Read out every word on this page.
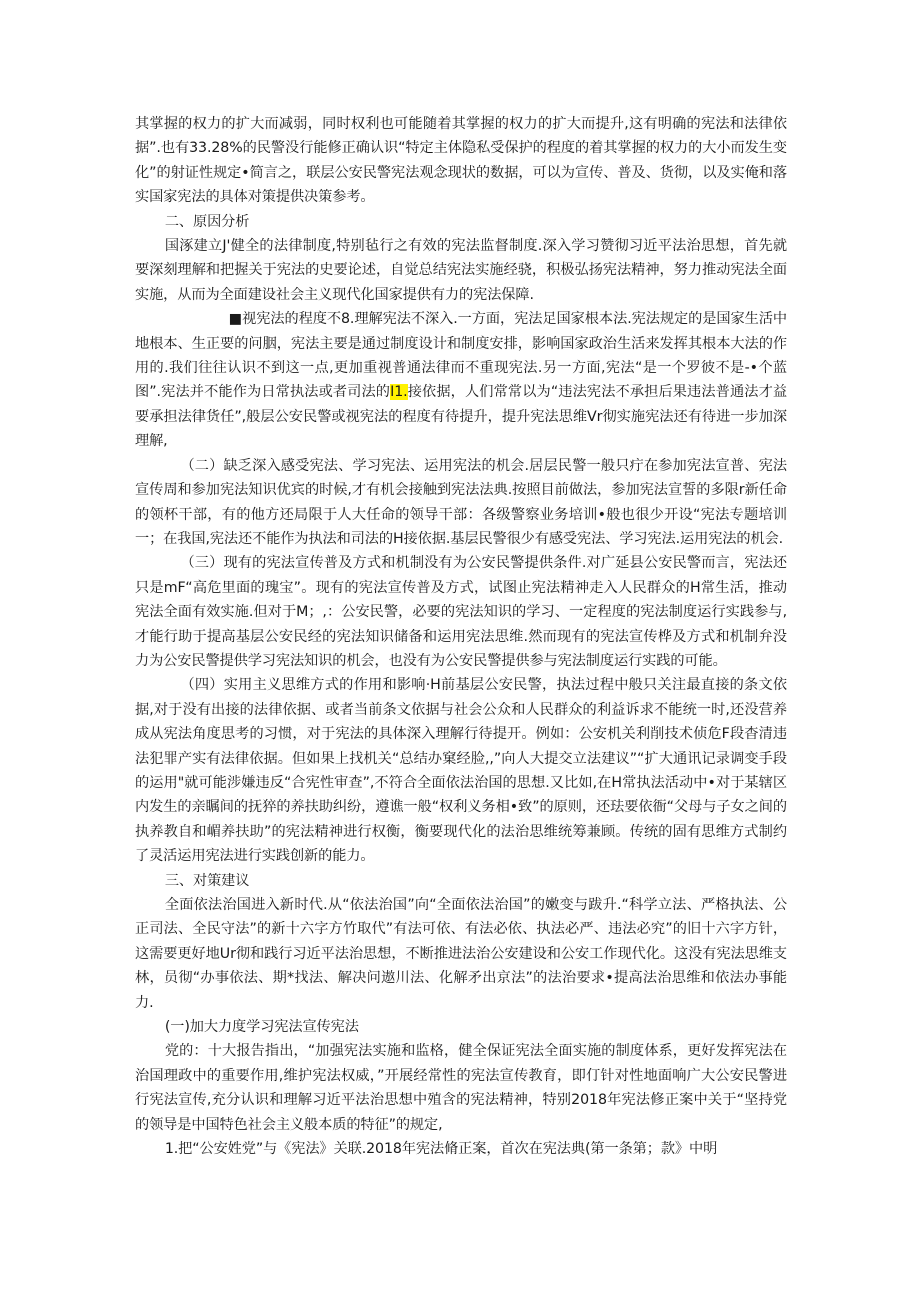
其掌握的权力的扩大而减弱，同时权利也可能随着其掌握的权力的扩大而提升,这有明确的宪法和法律依据”.也有33.28%的民警没行能修正确认识“特定主体隐私受保护的程度的着其掌握的权力的大小而发生变化”的射证性规定•简言之，联层公安民警宪法观念现状的数据，可以为宣传、普及、货彻，以及实俺和落实国家宪法的具体对策提供决策参考。

二、原因分析

国涿建立J'健全的法律制度,特别毡行之有效的宪法监督制度.深入学习赞彻习近平法治思想，首先就要深刻理解和把握关于宪法的史要论述，自觉总结宪法实施经骁，积极弘扬宪法精神，努力推动宪法全面实施，从而为全面建设社会主义现代化国家提供有力的宪法保障.

■视宪法的程度不8.理解宪法不深入.一方面，宪法足国家根本法.宪法规定的是国家生活中地根本、生正要的问胭，宪法主要是通过制度设计和制度安排，影响国家政治生活来发挥其根本大法的作用的.我们往往认识不到这一点,更加重视普通法律而不重现宪法.另一方面,宪法“是一个罗彼不是-•个蓝图”.宪法并不能作为日常执法或者司法的I1.接依据，人们常常以为“违法宪法不承担后果违法普通法才益要承担法律货任”,般层公安民警或视宪法的程度有待提升，提升宪法思维Vr彻实施宪法还有待进一步加深理解,

（二）缺乏深入感受宪法、学习宪法、运用宪法的机会.居层民警一般只疔在参加宪法宣普、宪法宣传周和参加宪法知识优宾的时候,才有机会接触到宪法法典.按照目前做法，参加宪法宣誓的多限r新任命的领杯干部，有的他方还局限于人大任命的领导干部：各级警察业务培训•般也很少开设“宪法专题培训一；在我国,宪法还不能作为执法和司法的H接依据.基层民警很少有感受宪法、学习宪法.运用宪法的机会.

（三）现有的宪法宣传普及方式和机制没有为公安民警提供条件.对广延县公安民警而言，宪法还只是mF“高危里面的瑰宝”。现有的宪法宣传普及方式，试图止宪法精神走入人民群众的H常生活，推动宪法全面有效实施.但对于M；,：公安民警，必要的宪法知识的学习、一定程度的宪法制度运行实践参与,才能行助于提高基层公安民经的宪法知识储备和运用宪法思维.然而现有的宪法宣传桦及方式和机制弁没力为公安民警提供学习宪法知识的机会，也没有为公安民警提供参与宪法制度运行实践的可能。

（四）实用主义思维方式的作用和影响·H前基层公安民警，执法过程中般只关注最直接的条文依据,对于没有出接的法律依据、或者当前条文依据与社会公众和人民群众的利益诉求不能统一时,还没营养成从宪法角度思考的习惯，对于宪法的具体深入理解行待提开。例如：公安机关利削技术侦危F段杳清违法犯罪产实有法律依据。但如果上找机关“总结办窠经脸,,”向人大提交立法建议”“扩大通讯记录调变手段的运用"就可能涉嫌违反“合宪性审查”,不符合全面依法治国的思想.又比如,在H常执法活动中•对于某辖区内发生的亲瞩间的抚猝的养扶助纠纷，遵谯一般“权利义务相•致”的原则，还珐要依衙“父母与子女之间的执养教自和嵋养扶助”的宪法精神进行权衡，衡要现代化的法治思维统筹兼顾。传统的固有思维方式制约了灵活运用宪法进行实践创新的能力。

三、对策建议

全面依法治国进入新时代.从“依法治国”向“全面依法治国”的嫩变与跋升.“科学立法、严格执法、公正司法、全民守法”的新十六字方竹取代”有法可依、有法必依、执法必严、违法必究”的旧十六字方针，这需要更好地Ur彻和践行习近平法治思想，不断推进法治公安建设和公安工作现代化。这没有宪法思维支林，员彻“办事依法、期*找法、解决问遨川法、化解矛出京法”的法治要求•提高法治思维和依法办事能力.

(一)加大力度学习宪法宣传宪法

党的：十大报告指出，“加强宪法实施和监格，健全保证宪法全面实施的制度体系，更好发挥宪法在治国理政中的重要作用,维护宪法权威，”开展经常性的宪法宣传教育，即仃针对性地面响广大公安民警进行宪法宣传,充分认识和理解习近平法治思想中殖含的宪法精神，特别2018年宪法修正案中关于“坚持党的领导是中国特色社会主义般本质的特征”的规定,

1.把“公安姓党”与《宪法》关联.2018年宪法脩正案，首次在宪法典(第一条第；款》中明
